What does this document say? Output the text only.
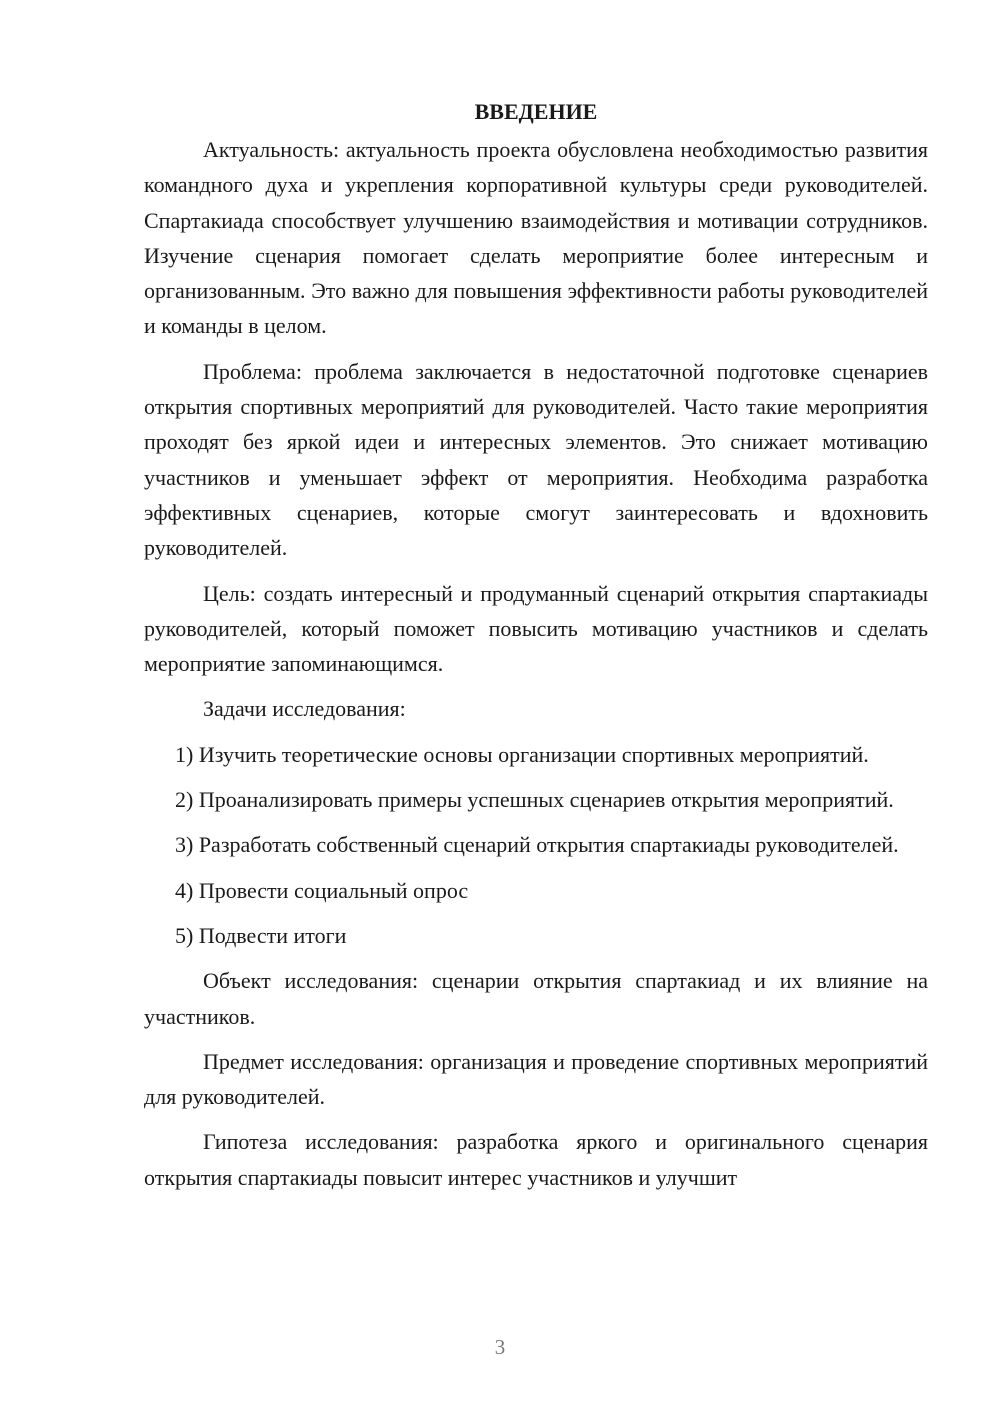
ВВЕДЕНИЕ

Актуальность: актуальность проекта обусловлена необходимостью развития командного духа и укрепления корпоративной культуры среди руководителей. Спартакиада способствует улучшению взаимодействия и мотивации сотрудников. Изучение сценария помогает сделать мероприятие более интересным и организованным. Это важно для повышения эффективности работы руководителей и команды в целом.

Проблема: проблема заключается в недостаточной подготовке сценариев открытия спортивных мероприятий для руководителей. Часто такие мероприятия проходят без яркой идеи и интересных элементов. Это снижает мотивацию участников и уменьшает эффект от мероприятия. Необходима разработка эффективных сценариев, которые смогут заинтересовать и вдохновить руководителей.

Цель: создать интересный и продуманный сценарий открытия спартакиады руководителей, который поможет повысить мотивацию участников и сделать мероприятие запоминающимся.

Задачи исследования:

1) Изучить теоретические основы организации спортивных мероприятий.

2) Проанализировать примеры успешных сценариев открытия мероприятий.

3) Разработать собственный сценарий открытия спартакиады руководителей.

4) Провести социальный опрос

5) Подвести итоги

Объект исследования: сценарии открытия спартакиад и их влияние на участников.

Предмет исследования: организация и проведение спортивных мероприятий для руководителей.

Гипотеза исследования: разработка яркого и оригинального сценария открытия спартакиады повысит интерес участников и улучшит

3
